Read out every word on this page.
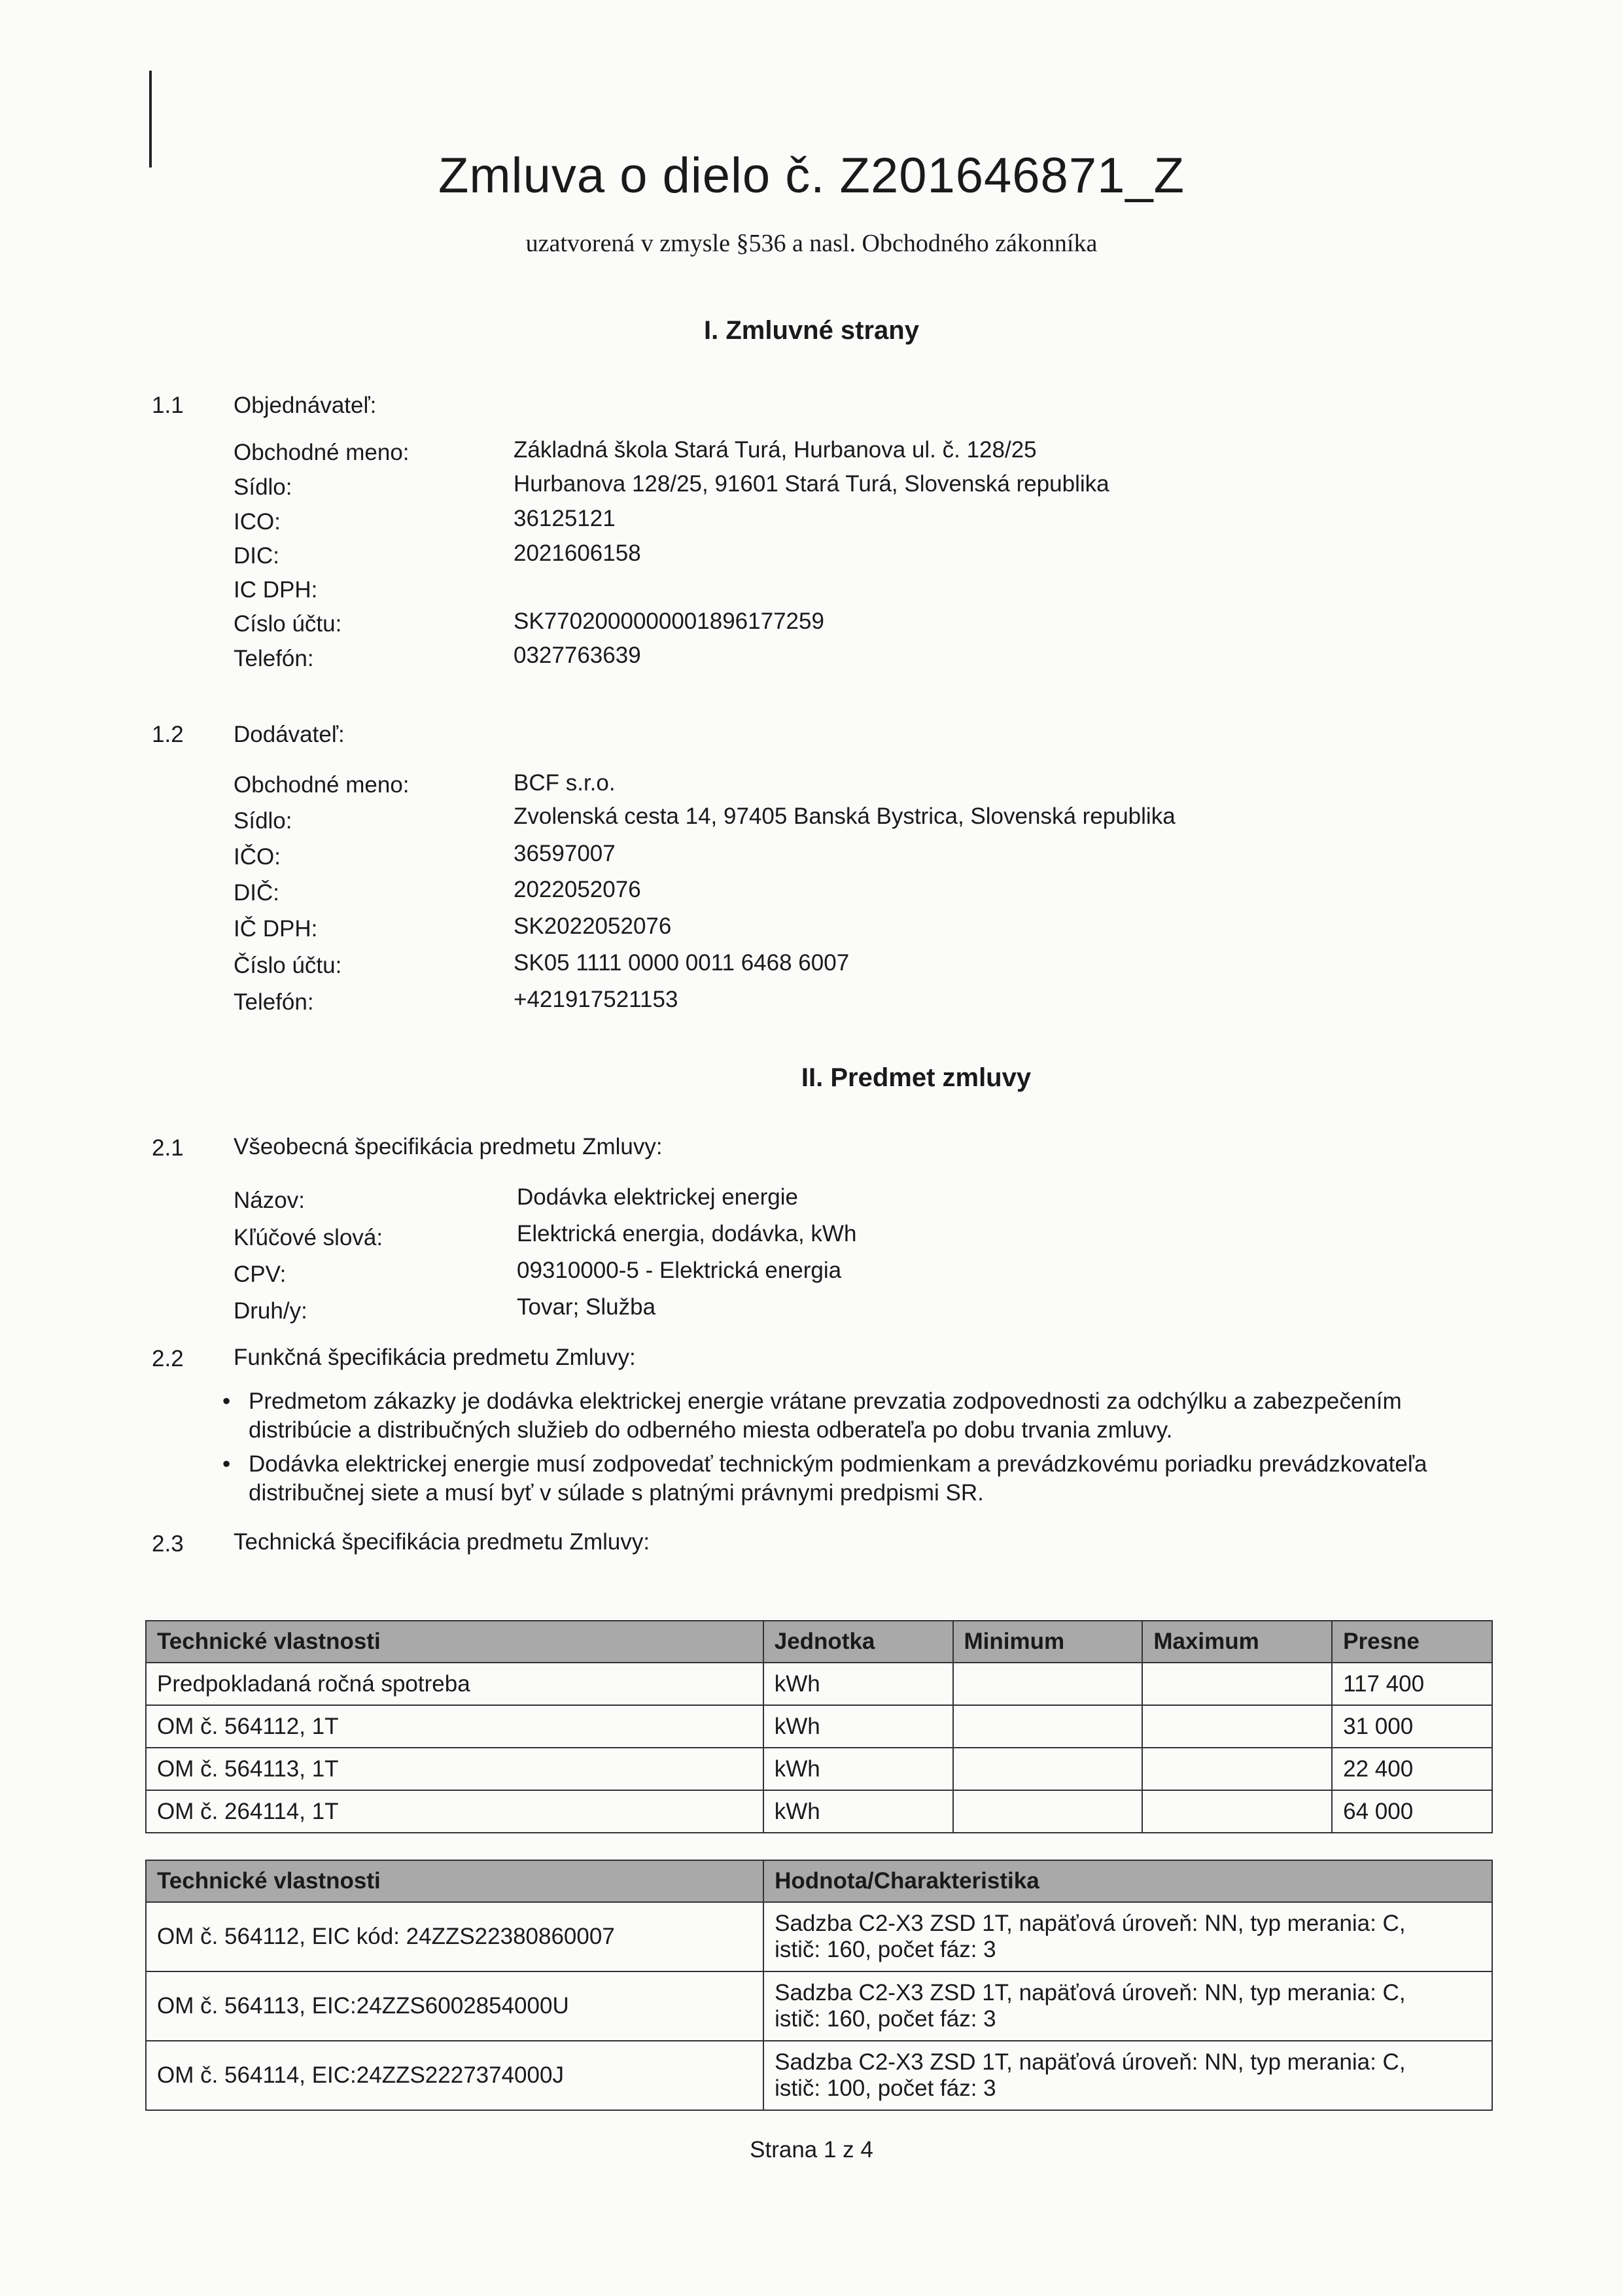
Zmluva o dielo č. Z201646871_Z
uzatvorená v zmysle §536 a nasl. Obchodného zákonníka
I. Zmluvné strany
1.1 Objednávateľ:
Obchodné meno:	Základná škola Stará Turá, Hurbanova ul. č. 128/25
Sídlo:	Hurbanova 128/25, 91601 Stará Turá, Slovenská republika
ICO:	36125121
DIC:	2021606158
IC DPH:
Císlo účtu:	SK7702000000001896177259
Telefón:	0327763639
1.2 Dodávateľ:
Obchodné meno:	BCF s.r.o.
Sídlo:	Zvolenská cesta 14, 97405 Banská Bystrica, Slovenská republika
IČO:	36597007
DIČ:	2022052076
IČ DPH:	SK2022052076
Číslo účtu:	SK05 1111 0000 0011 6468 6007
Telefón:	+421917521153
II. Predmet zmluvy
2.1 Všeobecná špecifikácia predmetu Zmluvy:
Názov:	Dodávka elektrickej energie
Kľúčové slová:	Elektrická energia, dodávka, kWh
CPV:	09310000-5 - Elektrická energia
Druh/y:	Tovar; Služba
2.2 Funkčná špecifikácia predmetu Zmluvy:
• Predmetom zákazky je dodávka elektrickej energie vrátane prevzatia zodpovednosti za odchýlku a zabezpečením
distribúcie a distribučných služieb do odberného miesta odberateľa po dobu trvania zmluvy.
• Dodávka elektrickej energie musí zodpovedať technickým podmienkam a prevádzkovému poriadku prevádzkovateľa
distribučnej siete a musí byť v súlade s platnými právnymi predpismi SR.
2.3 Technická špecifikácia predmetu Zmluvy:
Technické vlastnosti	Jednotka	Minimum	Maximum	Presne
Predpokladaná ročná spotreba	kWh			117 400
OM č. 564112, 1T	kWh			31 000
OM č. 564113, 1T	kWh			22 400
OM č. 264114, 1T	kWh			64 000
Technické vlastnosti	Hodnota/Charakteristika
OM č. 564112, EIC kód: 24ZZS22380860007	Sadzba C2-X3 ZSD 1T, napäťová úroveň: NN, typ merania: C,
istič: 160, počet fáz: 3

OM č. 564113, EIC:24ZZS6002854000U	Sadzba C2-X3 ZSD 1T, napäťová úroveň: NN, typ merania: C,
istič: 160, počet fáz: 3

OM č. 564114, EIC:24ZZS2227374000J	Sadzba C2-X3 ZSD 1T, napäťová úroveň: NN, typ merania: C,
istič: 100, počet fáz: 3
Strana 1 z 4
